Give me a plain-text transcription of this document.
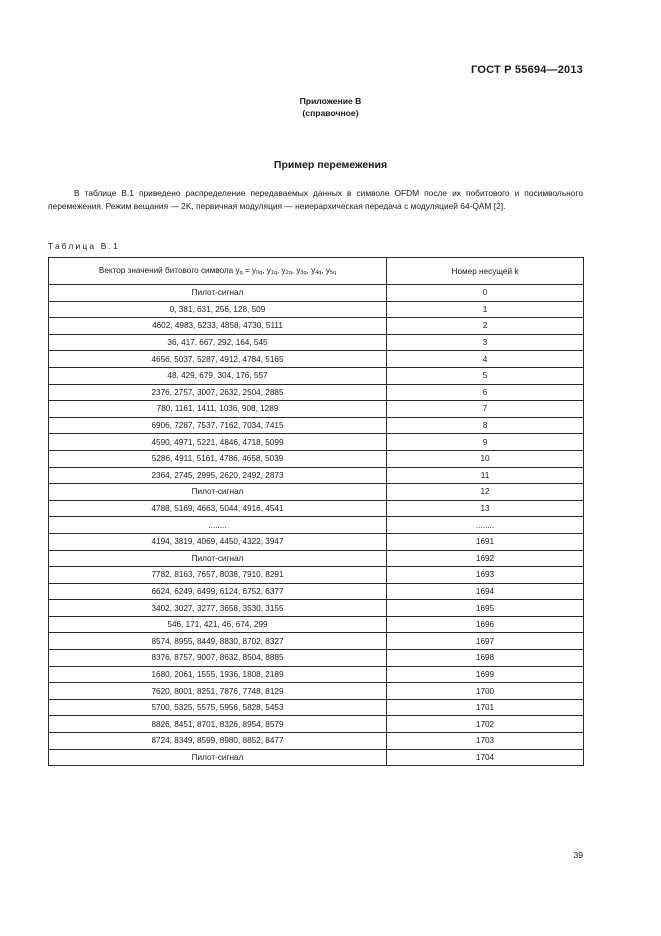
ГОСТ Р 55694—2013
Приложение В
(справочное)
Пример перемежения
В таблице В.1 приведено распределение передаваемых данных в символе OFDM после их побитового и посимвольного перемежения. Режим вещания — 2K, первичная модуляция — неиерархическая передача с модуляцией 64-QAM [2].
Таблица В.1
Вектор значений битового символа yq = y0q, y1q, y2q, y3q, y4q, y5q	Номер несущей k
Пилот-сигнал	0
0, 381, 631, 256, 128, 509	1
4602, 4983, 5233, 4858, 4730, 5111	2
36, 417, 667, 292, 164, 545	3
4656, 5037, 5287, 4912, 4784, 5165	4
48, 429, 679, 304, 176, 557	5
2376, 2757, 3007, 2632, 2504, 2885	6
780, 1161, 1411, 1036, 908, 1289	7
6906, 7287, 7537, 7162, 7034, 7415	8
4590, 4971, 5221, 4846, 4718, 5099	9
5286, 4911, 5161, 4786, 4658, 5039	10
2364, 2745, 2995, 2620, 2492, 2873	11
Пилот-сигнал	12
4788, 5169, 4663, 5044, 4916, 4541	13
........	........
4194, 3819, 4069, 4450, 4322, 3947	1691
Пилот-сигнал	1692
7782, 8163, 7657, 8038, 7910, 8291	1693
6624, 6249, 6499, 6124, 6752, 6377	1694
3402, 3027, 3277, 3658, 3530, 3155	1695
546, 171, 421, 46, 674, 299	1696
8574, 8955, 8449, 8830, 8702, 8327	1697
8376, 8757, 9007, 8632, 8504, 8885	1698
1680, 2061, 1555, 1936, 1808, 2189	1699
7620, 8001, 8251, 7876, 7748, 8129	1700
5700, 5325, 5575, 5956, 5828, 5453	1701
8826, 8451, 8701, 8326, 8954, 8579	1702
8724, 8349, 8599, 8980, 8852, 8477	1703
Пилот-сигнал	1704
39
